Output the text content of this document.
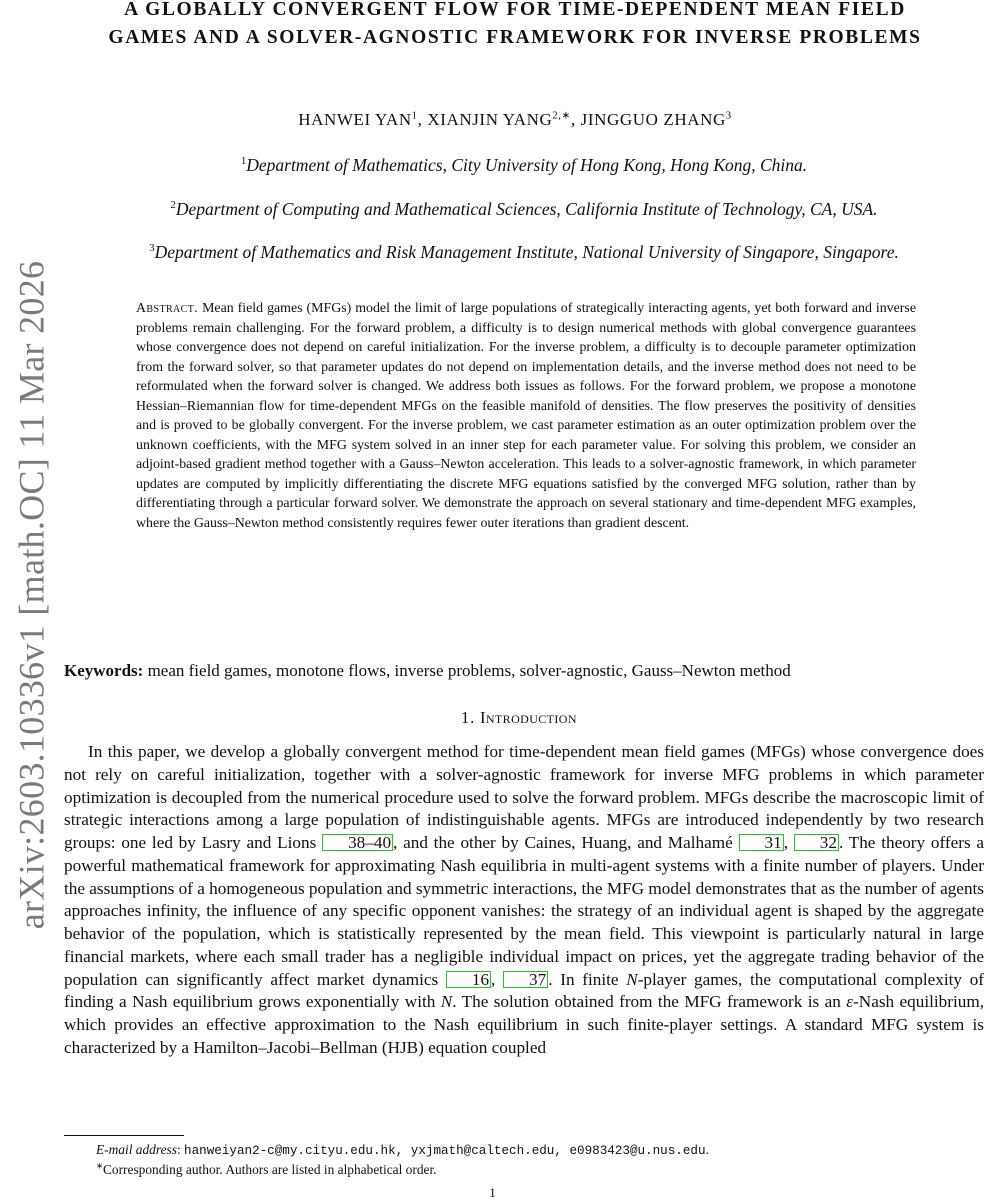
arXiv:2603.10336v1 [math.OC] 11 Mar 2026
A GLOBALLY CONVERGENT FLOW FOR TIME-DEPENDENT MEAN FIELD
GAMES AND A SOLVER-AGNOSTIC FRAMEWORK FOR INVERSE PROBLEMS
HANWEI YAN$^1$, XIANJIN $YANG^{2,∗}$, JINGGUO ZHANG$^3$
$^1$Department of Mathematics, City University of Hong Kong, Hong Kong, China.
$^2$Department of Computing and Mathematical Sciences, California Institute of Technology, CA, USA.
$^3$Department of Mathematics and Risk Management Institute, National University of Singapore, Singapore.
Abstract. Mean field games (MFGs) model the limit of large populations of strategically interacting agents, yet both forward and inverse problems remain challenging. For the forward problem, a difficulty is to design numerical methods with global convergence guarantees whose convergence does not depend on careful initialization. For the inverse problem, a difficulty is to decouple parameter optimization from the forward solver, so that parameter updates do not depend on implementation details, and the inverse method does not need to be reformulated when the forward solver is changed. We address both issues as follows. For the forward problem, we propose a monotone Hessian–Riemannian flow for time-dependent MFGs on the feasible manifold of densities. The flow preserves the positivity of densities and is proved to be globally convergent. For the inverse problem, we cast parameter estimation as an outer optimization problem over the unknown coefficients, with the MFG system solved in an inner step for each parameter value. For solving this problem, we consider an adjoint-based gradient method together with a Gauss–Newton acceleration. This leads to a solver-agnostic framework, in which parameter updates are computed by implicitly differentiating the discrete MFG equations satisfied by the converged MFG solution, rather than by differentiating through a particular forward solver. We demonstrate the approach on several stationary and time-dependent MFG examples, where the Gauss–Newton method consistently requires fewer outer iterations than gradient descent.
Keywords: mean field games, monotone flows, inverse problems, solver-agnostic, Gauss–Newton method
1. Introduction
In this paper, we develop a globally convergent method for time-dependent mean field games (MFGs) whose convergence does not rely on careful initialization, together with a solver-agnostic framework for inverse MFG problems in which parameter optimization is decoupled from the numerical procedure used to solve the forward problem. MFGs describe the macroscopic limit of strategic interactions among a large population of indistinguishable agents. MFGs are introduced independently by two research groups: one led by Lasry and Lions 38–40 , and the other by Caines, Huang, and Malhamé 31 , 32 . The theory offers a powerful mathematical framework for approximating Nash equilibria in multi-agent systems with a finite number of players. Under the assumptions of a homogeneous population and symmetric interactions, the MFG model demonstrates that as the number of agents approaches infinity, the influence of any specific opponent vanishes: the strategy of an individual agent is shaped by the aggregate behavior of the population, which is statistically represented by the mean field. This viewpoint is particularly natural in large financial markets, where each small trader has a negligible individual impact on prices, yet the aggregate trading behavior of the population can significantly affect market dynamics 16 , 37 . In finite N-player games, the computational complexity of finding a Nash equilibrium grows exponentially with N. The solution obtained from the MFG framework is an ε-Nash equilibrium, which provides an effective approximation to the Nash equilibrium in such finite-player settings. A standard MFG system is characterized by a Hamilton–Jacobi–Bellman (HJB) equation coupled
E-mail address: hanweiyan2-c@my.cityu.edu.hk, yxjmath@caltech.edu, e0983423@u.nus.edu.
∗Corresponding author. Authors are listed in alphabetical order.
1
